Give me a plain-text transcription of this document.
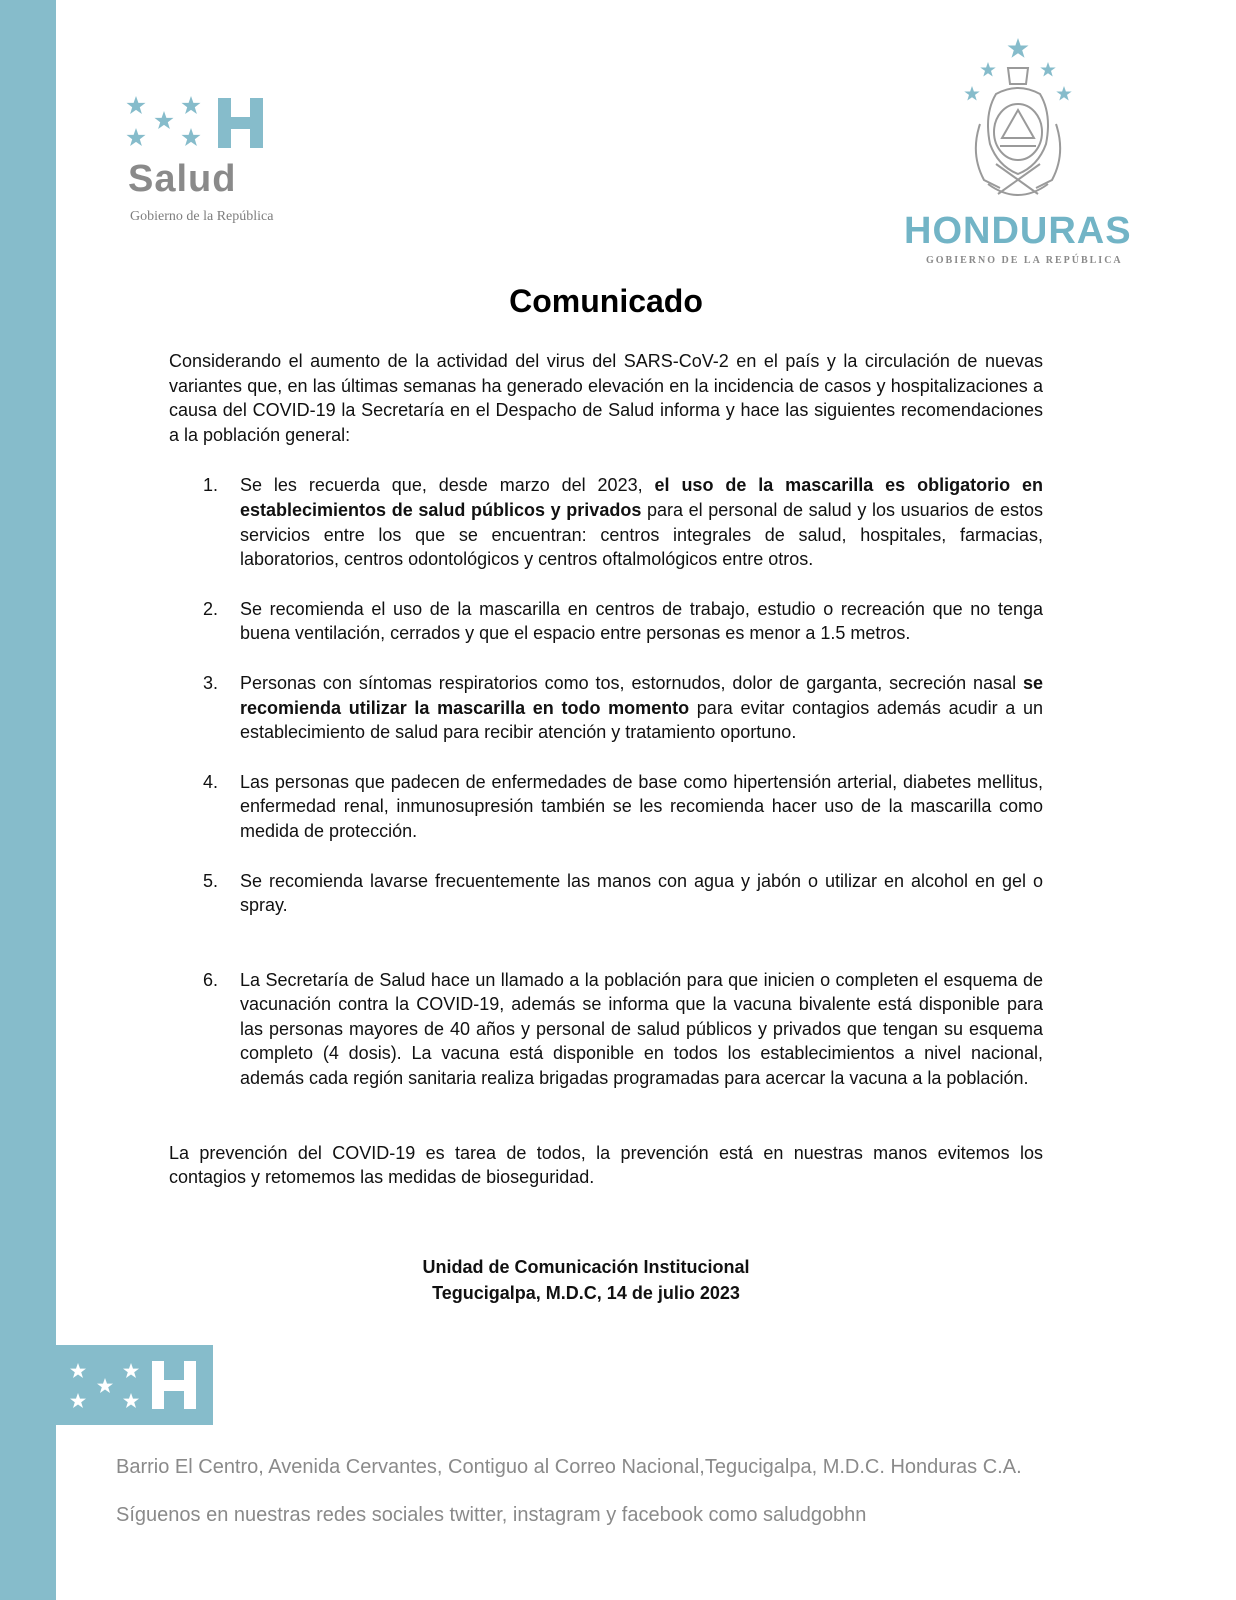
Salud
Gobierno de la República	HONDURAS
GOBIERNO DE LA REPÚBLICA
Comunicado

Considerando el aumento de la actividad del virus del SARS-CoV-2 en el país y la circulación de nuevas variantes que, en las últimas semanas ha generado elevación en la incidencia de casos y hospitalizaciones a causa del COVID-19 la Secretaría en el Despacho de Salud informa y hace las siguientes recomendaciones a la población general:

1. Se les recuerda que, desde marzo del 2023, el uso de la mascarilla es obligatorio en establecimientos de salud públicos y privados para el personal de salud y los usuarios de estos servicios entre los que se encuentran: centros integrales de salud, hospitales, farmacias, laboratorios, centros odontológicos y centros oftalmológicos entre otros.
2. Se recomienda el uso de la mascarilla en centros de trabajo, estudio o recreación que no tenga buena ventilación, cerrados y que el espacio entre personas es menor a 1.5 metros.
3. Personas con síntomas respiratorios como tos, estornudos, dolor de garganta, secreción nasal se recomienda utilizar la mascarilla en todo momento para evitar contagios además acudir a un establecimiento de salud para recibir atención y tratamiento oportuno.
4. Las personas que padecen de enfermedades de base como hipertensión arterial, diabetes mellitus, enfermedad renal, inmunosupresión también se les recomienda hacer uso de la mascarilla como medida de protección.
5. Se recomienda lavarse frecuentemente las manos con agua y jabón o utilizar en alcohol en gel o spray.
6. La Secretaría de Salud hace un llamado a la población para que inicien o completen el esquema de vacunación contra la COVID-19, además se informa que la vacuna bivalente está disponible para las personas mayores de 40 años y personal de salud públicos y privados que tengan su esquema completo (4 dosis). La vacuna está disponible en todos los establecimientos a nivel nacional, además cada región sanitaria realiza brigadas programadas para acercar la vacuna a la población.

La prevención del COVID-19 es tarea de todos, la prevención está en nuestras manos evitemos los contagios y retomemos las medidas de bioseguridad.

Unidad de Comunicación Institucional
Tegucigalpa, M.D.C, 14 de julio 2023
Barrio El Centro, Avenida Cervantes, Contiguo al Correo Nacional,Tegucigalpa, M.D.C. Honduras C.A.
Síguenos en nuestras redes sociales twitter, instagram y facebook como saludgobhn
